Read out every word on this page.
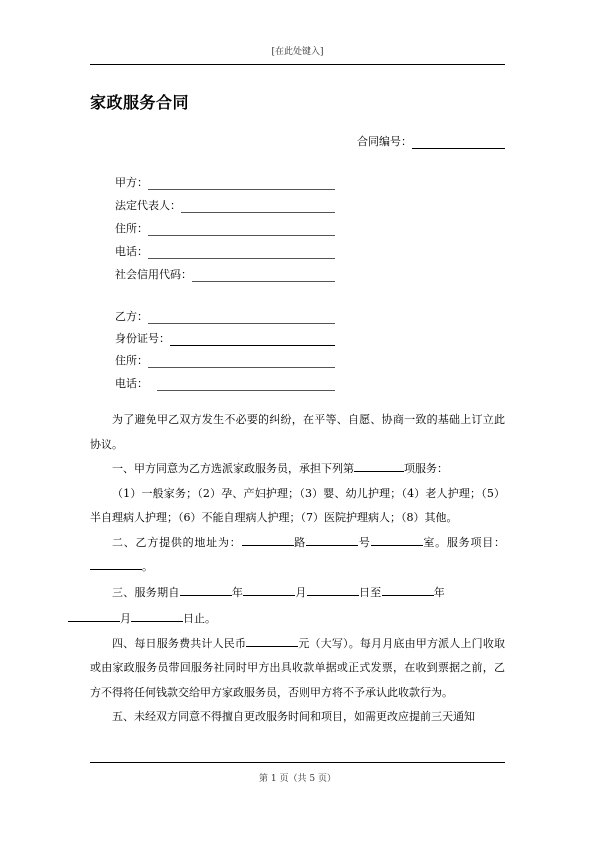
[在此处键入]
家政服务合同
合同编号：
甲方：
法定代表人：
住所：
电话：
社会信用代码：
乙方：
身份证号：
住所：
电话：

为了避免甲乙双方发生不必要的纠纷，在平等、自愿、协商一致的基础上订立此协议。

一、甲方同意为乙方选派家政服务员，承担下列第	项服务：

（1）一般家务；（2）孕、产妇护理；（3）婴、幼儿护理；（4）老人护理；（5）半自理病人护理；（6）不能自理病人护理；（7）医院护理病人；（8）其他。

二、乙方提供的地址为：	路	号	室。服务项目：。

三、服务期自	年	月	日至	年月	日止。

四、每日服务费共计人民币	元（大写）。每月月底由甲方派人上门收取或由家政服务员带回服务社同时甲方出具收款单据或正式发票，在收到票据之前，乙方不得将任何钱款交给甲方家政服务员，否则甲方将不予承认此收款行为。

五、未经双方同意不得擅自更改服务时间和项目，如需更改应提前三天通知

第 1 页（共 5 页）
